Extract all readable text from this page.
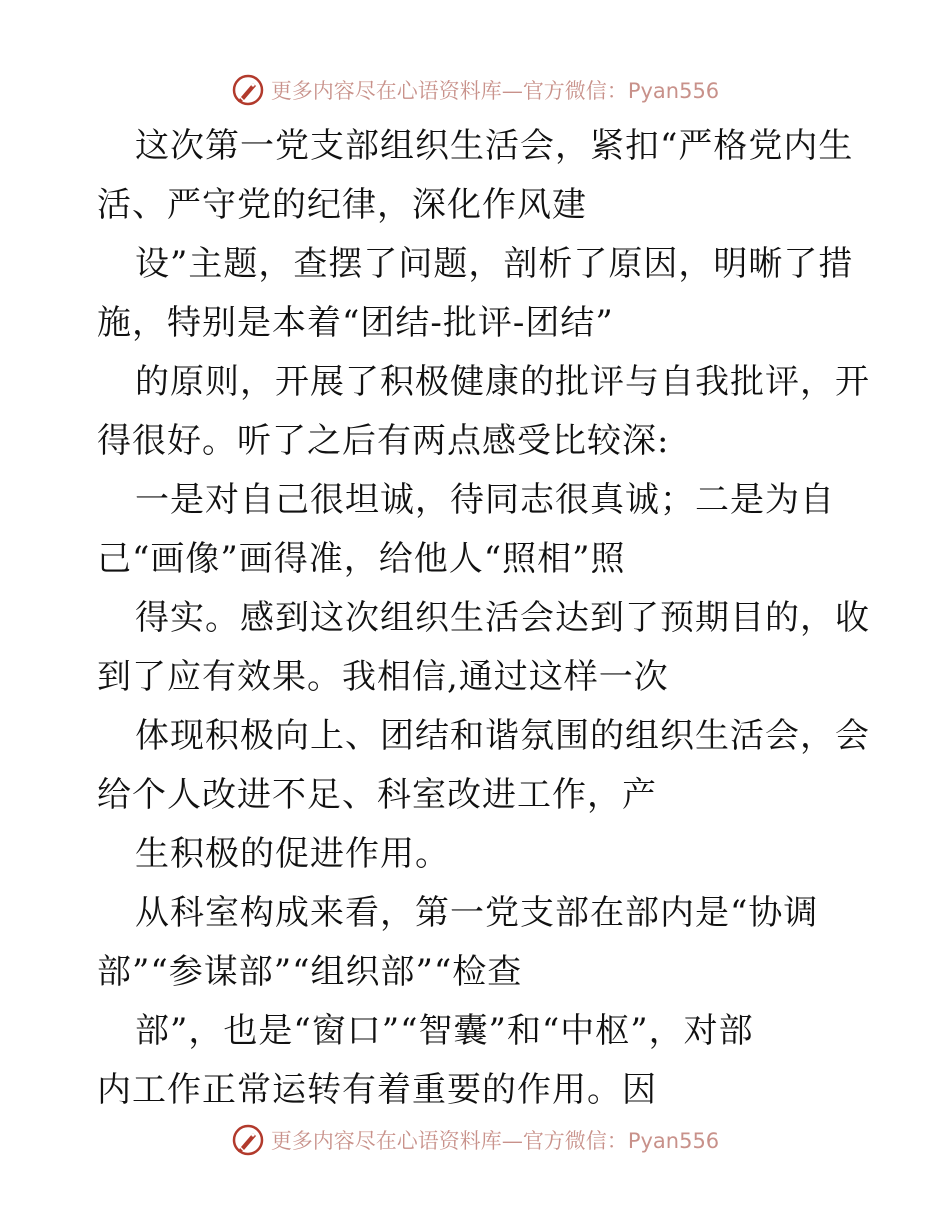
更多内容尽在心语资料库—官方微信：Pyan556
这次第一党支部组织生活会，紧扣“严格党内生
活、严守党的纪律，深化作风建
设”主题，查摆了问题，剖析了原因，明晰了措
施，特别是本着“团结-批评-团结”
的原则，开展了积极健康的批评与自我批评，开
得很好。听了之后有两点感受比较深:
一是对自己很坦诚，待同志很真诚；二是为自
己“画像”画得准，给他人“照相”照
得实。感到这次组织生活会达到了预期目的，收
到了应有效果。我相信,通过这样一次
体现积极向上、团结和谐氛围的组织生活会，会
给个人改进不足、科室改进工作，产
生积极的促进作用。
从科室构成来看，第一党支部在部内是“协调
部”“参谋部”“组织部”“检查
部”，也是“窗口”“智囊”和“中枢”，对部
内工作正常运转有着重要的作用。因
更多内容尽在心语资料库—官方微信：Pyan556
